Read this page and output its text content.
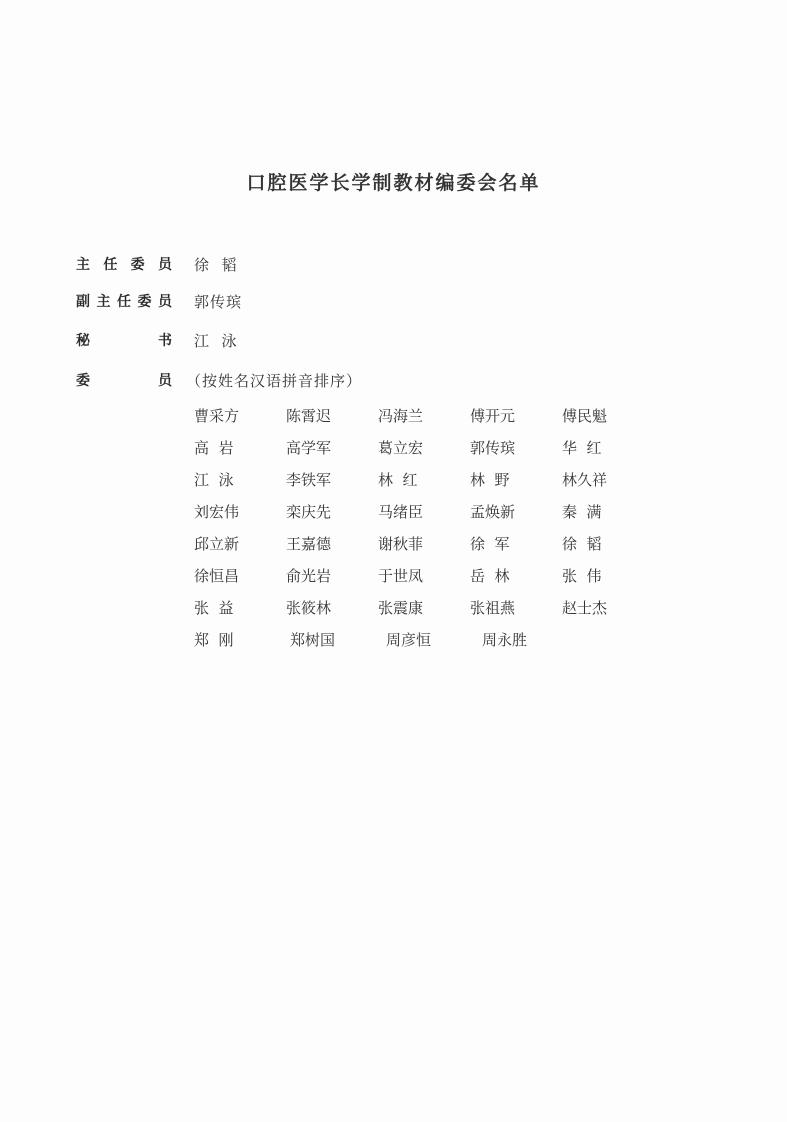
口腔医学长学制教材编委会名单
主 任 委 员 徐  韬
副 主 任 委 员 郭传瑸
秘	书 江  泳
委	员 （按姓名汉语拼音排序）
曹采方	陈霄迟	冯海兰	傅开元	傅民魁
高  岩	高学军	葛立宏	郭传瑸	华  红
江  泳	李铁军	林  红	林  野	林久祥
刘宏伟	栾庆先	马绪臣	孟焕新	秦  满
邱立新	王嘉德	谢秋菲	徐  军	徐  韬
徐恒昌	俞光岩	于世凤	岳  林	张  伟
张  益	张筱林	张震康	张祖燕	赵士杰
郑  刚	郑树国	周彦恒	周永胜
